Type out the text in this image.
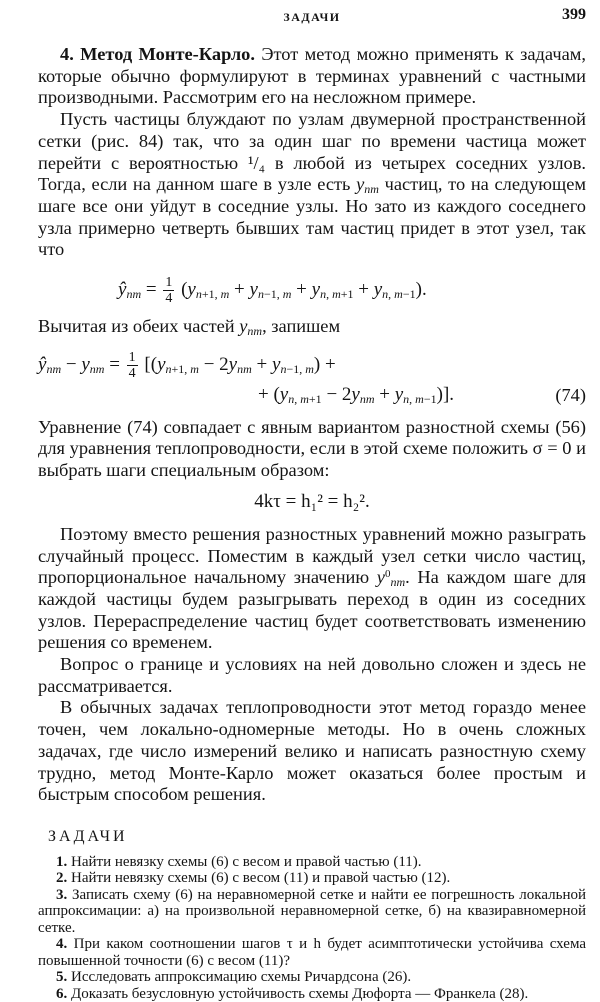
ЗАДАЧИ	399

4. Метод Монте-Карло. Этот метод можно применять к задачам, которые обычно формулируют в терминах уравнений с частными производными. Рассмотрим его на несложном примере.

Пусть частицы блуждают по узлам двумерной пространственной сетки (рис. 84) так, что за один шаг по времени частица может перейти с вероятностью ¹/₄ в любой из четырех соседних узлов. Тогда, если на данном шаге в узле есть $y_{nm}$ частиц, то на следующем шаге все они уйдут в соседние узлы. Но зато из каждого соседнего узла примерно четверть бывших там частиц придет в этот узел, так что

$ŷ_{nm} = \frac{1}{4} (y_{n+1, m} + y_{n-1, m} + y_{n, m+1} + y_{n, m-1})$.

Вычитая из обеих частей $y_{nm}$, запишем

$ŷ_{nm} - y_{nm} = \frac{1}{4} [(y_{n+1, m} - 2y_{nm} + y_{n-1, m})$ +
+ $(y_{n, m+1} - 2y_{nm} + y_{n, m-1})$].	(74)

Уравнение (74) совпадает с явным вариантом разностной схемы (56) для уравнения теплопроводности, если в этой схеме положить σ = 0 и выбрать шаги специальным образом:

4kτ = h₁² = h₂².

Поэтому вместо решения разностных уравнений можно разыграть случайный процесс. Поместим в каждый узел сетки число частиц, пропорциональное начальному значению $y^0_{nm}$. На каждом шаге для каждой частицы будем разыгрывать переход в один из соседних узлов. Перераспределение частиц будет соответствовать изменению решения со временем.

Вопрос о границе и условиях на ней довольно сложен и здесь не рассматривается.

В обычных задачах теплопроводности этот метод гораздо менее точен, чем локально-одномерные методы. Но в очень сложных задачах, где число измерений велико и написать разностную схему трудно, метод Монте-Карло может оказаться более простым и быстрым способом решения.

ЗАДАЧИ

1. Найти невязку схемы (6) с весом и правой частью (11).

2. Найти невязку схемы (6) с весом (11) и правой частью (12).

3. Записать схему (6) на неравномерной сетке и найти ее погрешность локальной аппроксимации: а) на произвольной неравномерной сетке, б) на квазиравномерной сетке.

4. При каком соотношении шагов τ и h будет асимптотически устойчива схема повышенной точности (6) с весом (11)?

5. Исследовать аппроксимацию схемы Ричардсона (26).

6. Доказать безусловную устойчивость схемы Дюфорта — Франкела (28).
